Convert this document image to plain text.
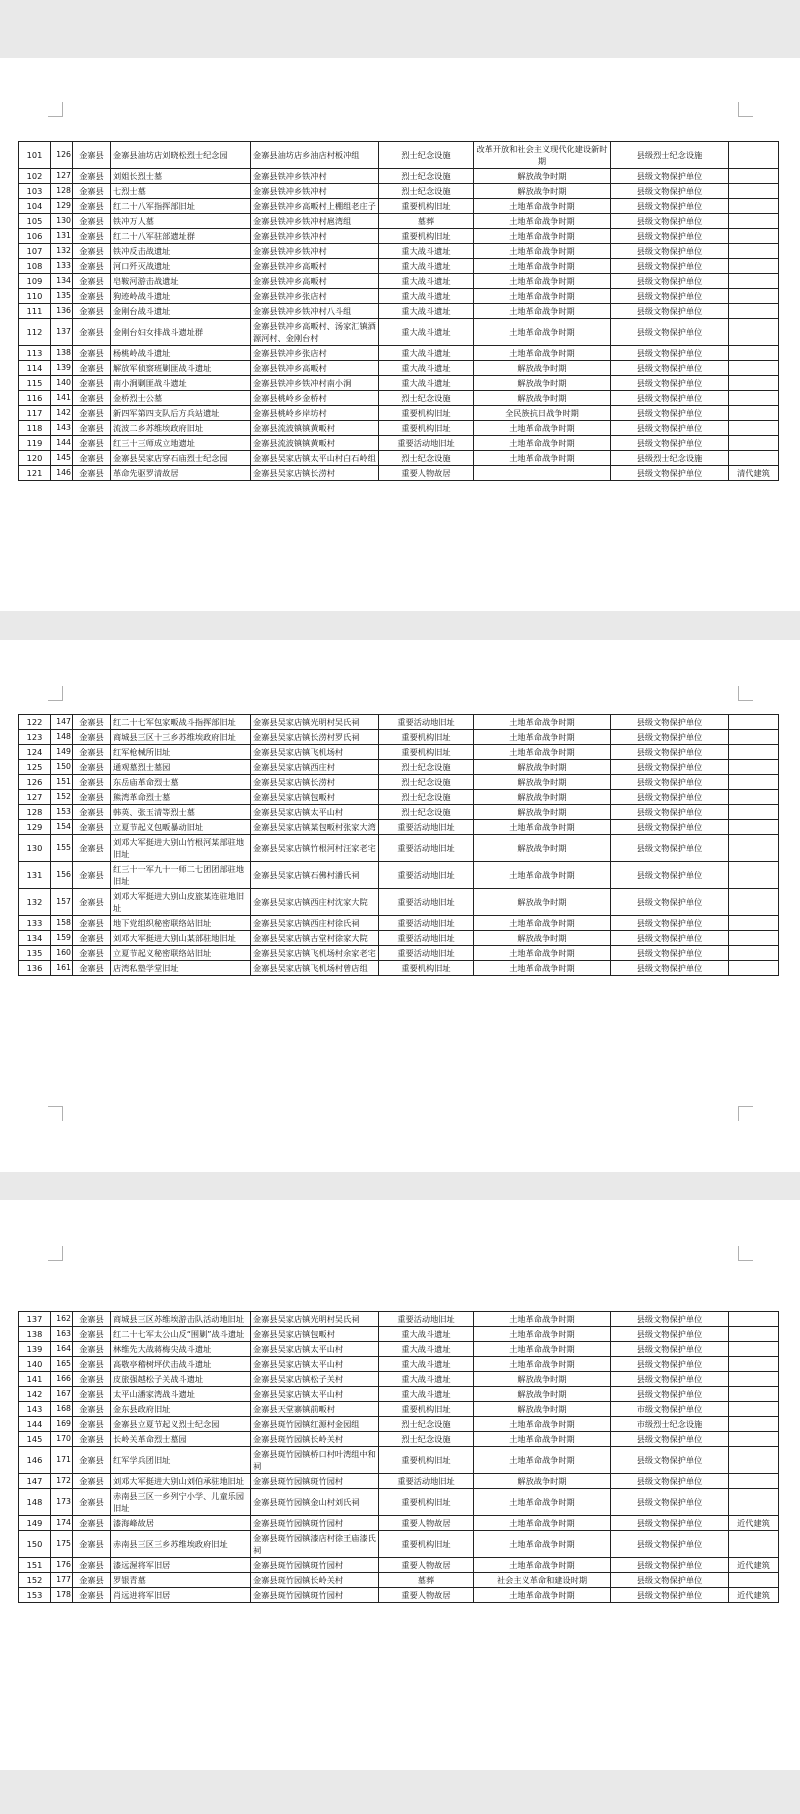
101	126	金寨县	金寨县油坊店刘晓松烈士纪念园	金寨县油坊店乡油店村板冲组	烈士纪念设施	改革开放和社会主义现代化建设新时期	县级烈士纪念设施	
102	127	金寨县	刘姐长烈士墓	金寨县铁冲乡铁冲村	烈士纪念设施	解放战争时期	县级文物保护单位	
103	128	金寨县	七烈士墓	金寨县铁冲乡铁冲村	烈士纪念设施	解放战争时期	县级文物保护单位	
104	129	金寨县	红二十八军指挥部旧址	金寨县铁冲乡高畈村上棚组老庄子	重要机构旧址	土地革命战争时期	县级文物保护单位	
105	130	金寨县	铁冲万人墓	金寨县铁冲乡铁冲村扈湾组	墓葬	土地革命战争时期	县级文物保护单位	
106	131	金寨县	红二十八军驻部遗址群	金寨县铁冲乡铁冲村	重要机构旧址	土地革命战争时期	县级文物保护单位	
107	132	金寨县	铁冲反击战遗址	金寨县铁冲乡铁冲村	重大战斗遗址	土地革命战争时期	县级文物保护单位	
108	133	金寨县	河口歼灭战遗址	金寨县铁冲乡高畈村	重大战斗遗址	土地革命战争时期	县级文物保护单位	
109	134	金寨县	皂鞍河游击战遗址	金寨县铁冲乡高畈村	重大战斗遗址	土地革命战争时期	县级文物保护单位	
110	135	金寨县	狗迹岭战斗遗址	金寨县铁冲乡张店村	重大战斗遗址	土地革命战争时期	县级文物保护单位	
111	136	金寨县	金刚台战斗遗址	金寨县铁冲乡铁冲村八斗组	重大战斗遗址	土地革命战争时期	县级文物保护单位	
112	137	金寨县	金刚台妇女排战斗遗址群	金寨县铁冲乡高畈村、汤家汇镇酒源河村、金刚台村	重大战斗遗址	土地革命战争时期	县级文物保护单位	
113	138	金寨县	杨桃岭战斗遗址	金寨县铁冲乡张店村	重大战斗遗址	土地革命战争时期	县级文物保护单位	
114	139	金寨县	解放军侦察班剿匪战斗遗址	金寨县铁冲乡高畈村	重大战斗遗址	解放战争时期	县级文物保护单位	
115	140	金寨县	南小涧剿匪战斗遗址	金寨县铁冲乡铁冲村南小涧	重大战斗遗址	解放战争时期	县级文物保护单位	
116	141	金寨县	金桥烈士公墓	金寨县桃岭乡金桥村	烈士纪念设施	解放战争时期	县级文物保护单位	
117	142	金寨县	新四军第四支队后方兵站遗址	金寨县桃岭乡岸坊村	重要机构旧址	全民族抗日战争时期	县级文物保护单位	
118	143	金寨县	流波二乡苏维埃政府旧址	金寨县流波镇镇黄畈村	重要机构旧址	土地革命战争时期	县级文物保护单位	
119	144	金寨县	红三十三师成立地遗址	金寨县流波镇镇黄畈村	重要活动地旧址	土地革命战争时期	县级文物保护单位	
120	145	金寨县	金寨县吴家店穿石庙烈士纪念园	金寨县吴家店镇太平山村白石岭组	烈士纪念设施	土地革命战争时期	县级烈士纪念设施	
121	146	金寨县	革命先驱罗清故居	金寨县吴家店镇长涝村	重要人物故居		县级文物保护单位	清代建筑
122	147	金寨县	红二十七军包家畈战斗指挥部旧址	金寨县吴家店镇光明村吴氏祠	重要活动地旧址	土地革命战争时期	县级文物保护单位	
123	148	金寨县	商城县三区十三乡苏维埃政府旧址	金寨县吴家店镇长涝村罗氏祠	重要机构旧址	土地革命战争时期	县级文物保护单位	
124	149	金寨县	红军枪械所旧址	金寨县吴家店镇飞机场村	重要机构旧址	土地革命战争时期	县级文物保护单位	
125	150	金寨县	通观墓烈士墓园	金寨县吴家店镇西庄村	烈士纪念设施	解放战争时期	县级文物保护单位	
126	151	金寨县	东岳庙革命烈士墓	金寨县吴家店镇长涝村	烈士纪念设施	解放战争时期	县级文物保护单位	
127	152	金寨县	熊湾革命烈士墓	金寨县吴家店镇包畈村	烈士纪念设施	解放战争时期	县级文物保护单位	
128	153	金寨县	韩英、张玉清等烈士墓	金寨县吴家店镇太平山村	烈士纪念设施	解放战争时期	县级文物保护单位	
129	154	金寨县	立夏节起义包畈暴动旧址	金寨县吴家店镇某包畈村张家大湾	重要活动地旧址	土地革命战争时期	县级文物保护单位	
130	155	金寨县	刘邓大军挺进大别山竹根河某部驻地旧址	金寨县吴家店镇竹根河村汪家老宅	重要活动地旧址	解放战争时期	县级文物保护单位	
131	156	金寨县	红三十一军九十一师二七团团部驻地旧址	金寨县吴家店镇石佛村潘氏祠	重要活动地旧址	土地革命战争时期	县级文物保护单位	
132	157	金寨县	刘邓大军挺进大别山皮旅某连驻地旧址	金寨县吴家店镇西庄村沈家大院	重要活动地旧址	解放战争时期	县级文物保护单位	
133	158	金寨县	地下党组织秘密联络站旧址	金寨县吴家店镇西庄村徐氏祠	重要活动地旧址	土地革命战争时期	县级文物保护单位	
134	159	金寨县	刘邓大军挺进大别山某部驻地旧址	金寨县吴家店镇古堂村徐家大院	重要活动地旧址	解放战争时期	县级文物保护单位	
135	160	金寨县	立夏节起义秘密联络站旧址	金寨县吴家店镇飞机场村余家老宅	重要活动地旧址	土地革命战争时期	县级文物保护单位	
136	161	金寨县	店湾私塾学堂旧址	金寨县吴家店镇飞机场村曾店组	重要机构旧址	土地革命战争时期	县级文物保护单位	
137	162	金寨县	商城县三区苏维埃游击队活动地旧址	金寨县吴家店镇光明村吴氏祠	重要活动地旧址	土地革命战争时期	县级文物保护单位	
138	163	金寨县	红二十七军太公山反“围剿”战斗遗址	金寨县吴家店镇包畈村	重大战斗遗址	土地革命战争时期	县级文物保护单位	
139	164	金寨县	林维先大战蒋梅尖战斗遗址	金寨县吴家店镇太平山村	重大战斗遗址	土地革命战争时期	县级文物保护单位	
140	165	金寨县	高敬亭稽树坪伏击战斗遗址	金寨县吴家店镇太平山村	重大战斗遗址	土地革命战争时期	县级文物保护单位	
141	166	金寨县	皮旅强越松子关战斗遗址	金寨县吴家店镇松子关村	重大战斗遗址	解放战争时期	县级文物保护单位	
142	167	金寨县	太平山潘家湾战斗遗址	金寨县吴家店镇太平山村	重大战斗遗址	解放战争时期	县级文物保护单位	
143	168	金寨县	金东县政府旧址	金寨县天堂寨镇前畈村	重要机构旧址	解放战争时期	市级文物保护单位	
144	169	金寨县	金寨县立夏节起义烈士纪念园	金寨县斑竹园镇红源村金园组	烈士纪念设施	土地革命战争时期	市级烈士纪念设施	
145	170	金寨县	长岭关革命烈士墓园	金寨县斑竹园镇长岭关村	烈士纪念设施	土地革命战争时期	县级文物保护单位	
146	171	金寨县	红军学兵团旧址	金寨县斑竹园镇桥口村叶湾组中和祠	重要机构旧址	土地革命战争时期	县级文物保护单位	
147	172	金寨县	刘邓大军挺进大别山刘伯承驻地旧址	金寨县斑竹园镇斑竹园村	重要活动地旧址	解放战争时期	县级文物保护单位	
148	173	金寨县	赤南县三区一乡列宁小学、儿童乐园旧址	金寨县斑竹园镇金山村刘氏祠	重要机构旧址	土地革命战争时期	县级文物保护单位	
149	174	金寨县	漆海峰故居	金寨县斑竹园镇斑竹园村	重要人物故居	土地革命战争时期	县级文物保护单位	近代建筑
150	175	金寨县	赤南县三区三乡苏维埃政府旧址	金寨县斑竹园镇漆店村徐王庙漆氏祠	重要机构旧址	土地革命战争时期	县级文物保护单位	
151	176	金寨县	漆远渥将军旧居	金寨县斑竹园镇斑竹园村	重要人物故居	土地革命战争时期	县级文物保护单位	近代建筑
152	177	金寨县	罗银青墓	金寨县斑竹园镇长岭关村	墓葬	社会主义革命和建设时期	县级文物保护单位	
153	178	金寨县	肖远进将军旧居	金寨县斑竹园镇斑竹园村	重要人物故居	土地革命战争时期	县级文物保护单位	近代建筑
